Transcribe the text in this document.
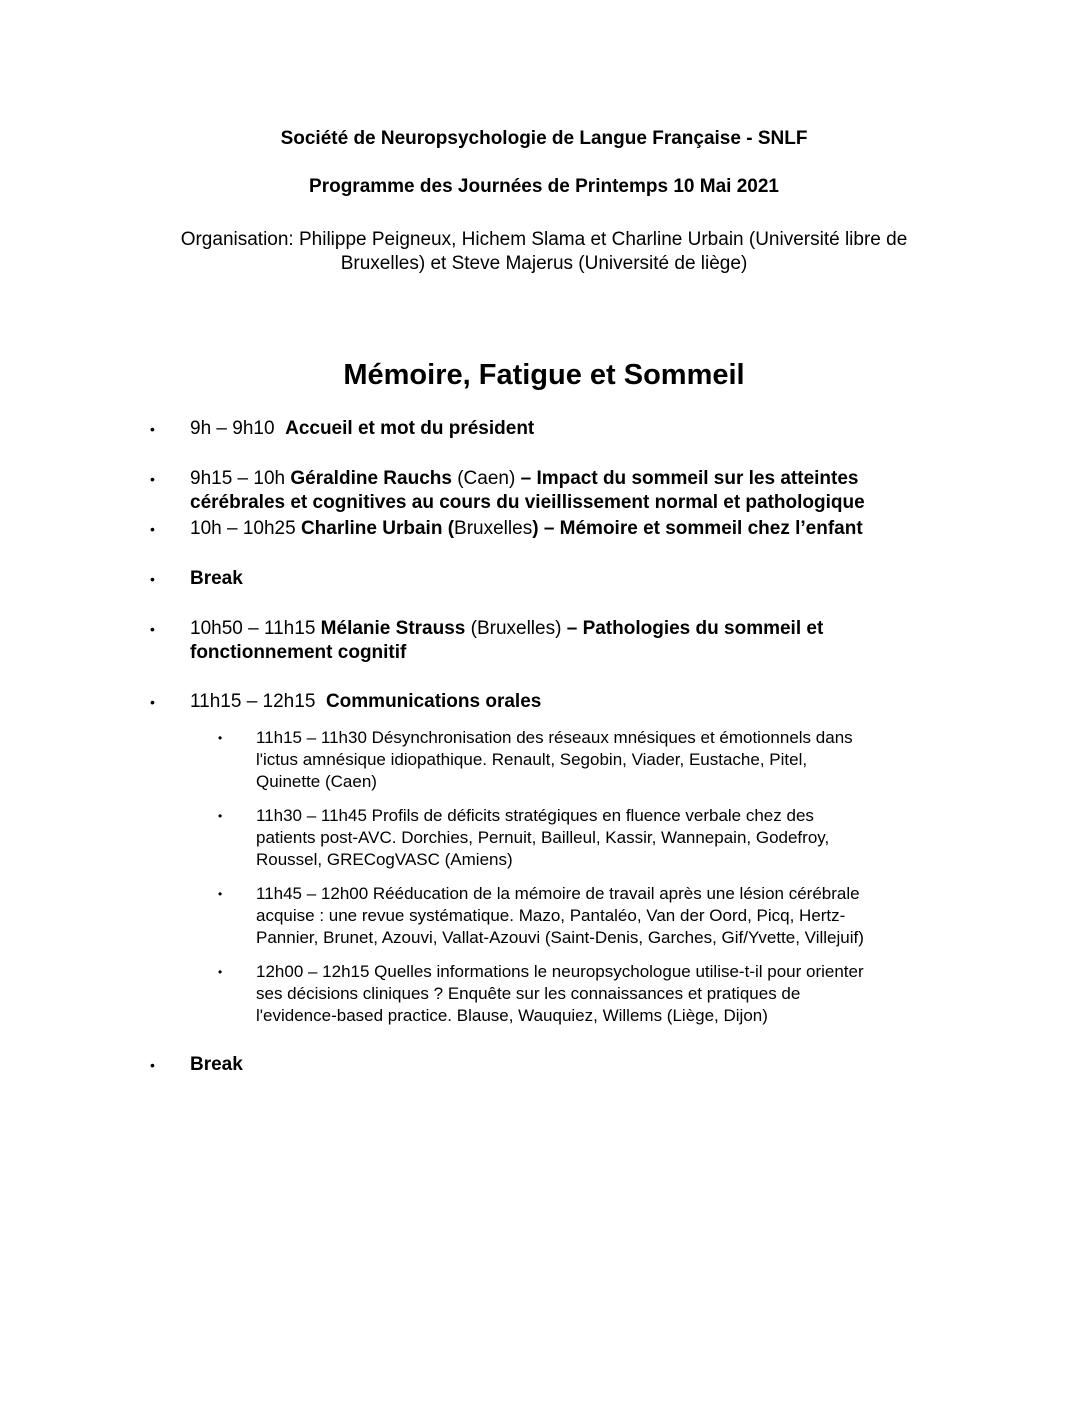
Société de Neuropsychologie de Langue Française - SNLF
Programme des Journées de Printemps 10 Mai 2021
Organisation: Philippe Peigneux, Hichem Slama et Charline Urbain (Université libre de
Bruxelles) et Steve Majerus (Université de liège)
Mémoire, Fatigue et Sommeil
• 9h – 9h10 Accueil et mot du président
• 9h15 – 10h Géraldine Rauchs (Caen) – Impact du sommeil sur les atteintes
cérébrales et cognitives au cours du vieillissement normal et pathologique
• 10h – 10h25 Charline Urbain (Bruxelles) – Mémoire et sommeil chez l’enfant
• Break
• 10h50 – 11h15 Mélanie Strauss (Bruxelles) – Pathologies du sommeil et
fonctionnement cognitif
• 11h15 – 12h15 Communications orales
• 11h15 – 11h30 Désynchronisation des réseaux mnésiques et émotionnels dans
l'ictus amnésique idiopathique. Renault, Segobin, Viader, Eustache, Pitel,
Quinette (Caen)
• 11h30 – 11h45 Profils de déficits stratégiques en fluence verbale chez des
patients post-AVC. Dorchies, Pernuit, Bailleul, Kassir, Wannepain, Godefroy,
Roussel, GRECogVASC (Amiens)
• 11h45 – 12h00 Rééducation de la mémoire de travail après une lésion cérébrale
acquise : une revue systématique. Mazo, Pantaléo, Van der Oord, Picq, Hertz-
Pannier, Brunet, Azouvi, Vallat-Azouvi (Saint-Denis, Garches, Gif/Yvette, Villejuif)
• 12h00 – 12h15 Quelles informations le neuropsychologue utilise-t-il pour orienter
ses décisions cliniques ? Enquête sur les connaissances et pratiques de
l'evidence-based practice. Blause, Wauquiez, Willems (Liège, Dijon)
• Break
